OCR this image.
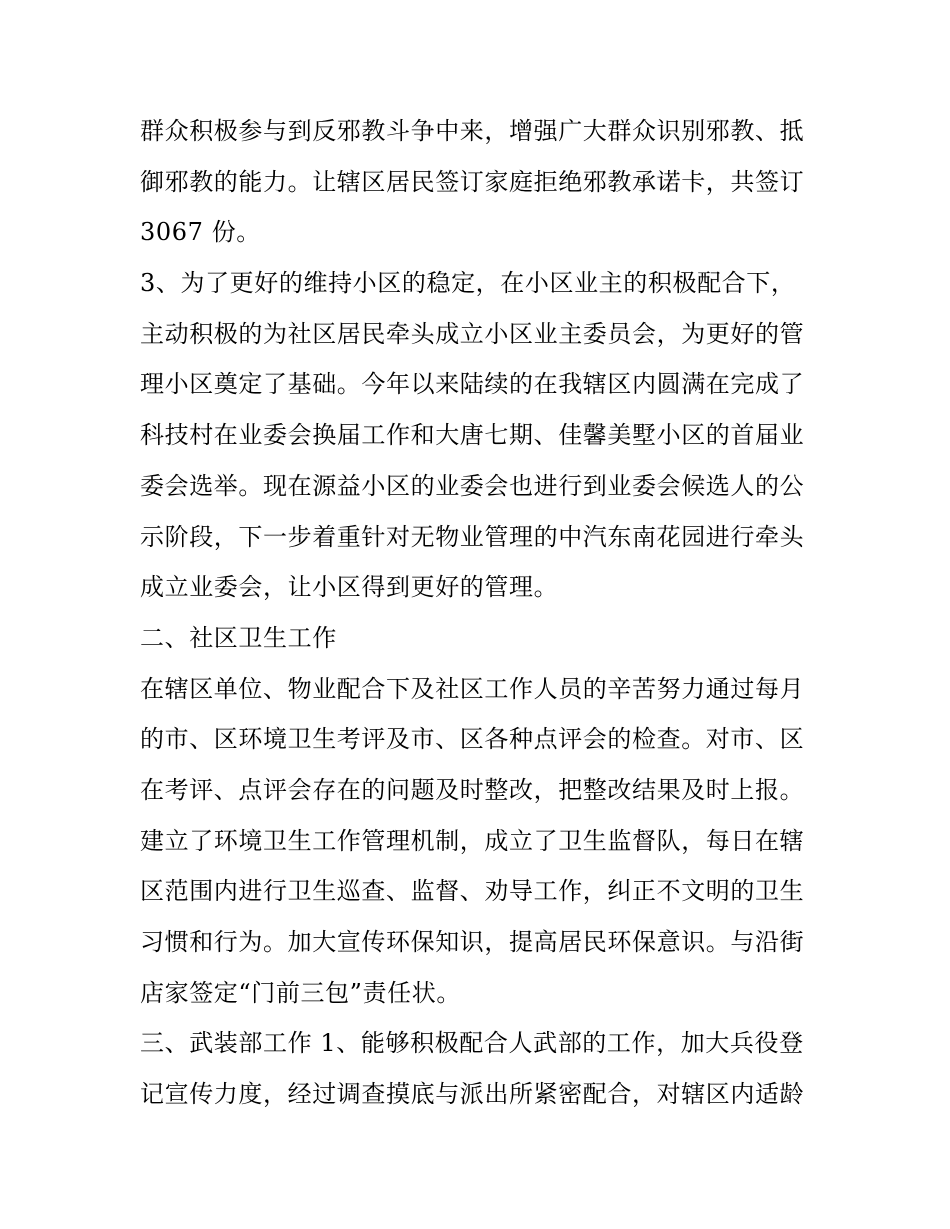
群众积极参与到反邪教斗争中来，增强广大群众识别邪教、抵
御邪教的能力。让辖区居民签订家庭拒绝邪教承诺卡，共签订
3067 份。
3、为了更好的维持小区的稳定，在小区业主的积极配合下，
主动积极的为社区居民牵头成立小区业主委员会，为更好的管
理小区奠定了基础。今年以来陆续的在我辖区内圆满在完成了
科技村在业委会换届工作和大唐七期、佳馨美墅小区的首届业
委会选举。现在源益小区的业委会也进行到业委会候选人的公
示阶段，下一步着重针对无物业管理的中汽东南花园进行牵头
成立业委会，让小区得到更好的管理。
二、社区卫生工作
在辖区单位、物业配合下及社区工作人员的辛苦努力通过每月
的市、区环境卫生考评及市、区各种点评会的检查。对市、区
在考评、点评会存在的问题及时整改，把整改结果及时上报。
建立了环境卫生工作管理机制，成立了卫生监督队，每日在辖
区范围内进行卫生巡查、监督、劝导工作，纠正不文明的卫生
习惯和行为。加大宣传环保知识，提高居民环保意识。与沿街
店家签定“门前三包”责任状。
三、武装部工作 1、能够积极配合人武部的工作，加大兵役登
记宣传力度，经过调查摸底与派出所紧密配合，对辖区内适龄
